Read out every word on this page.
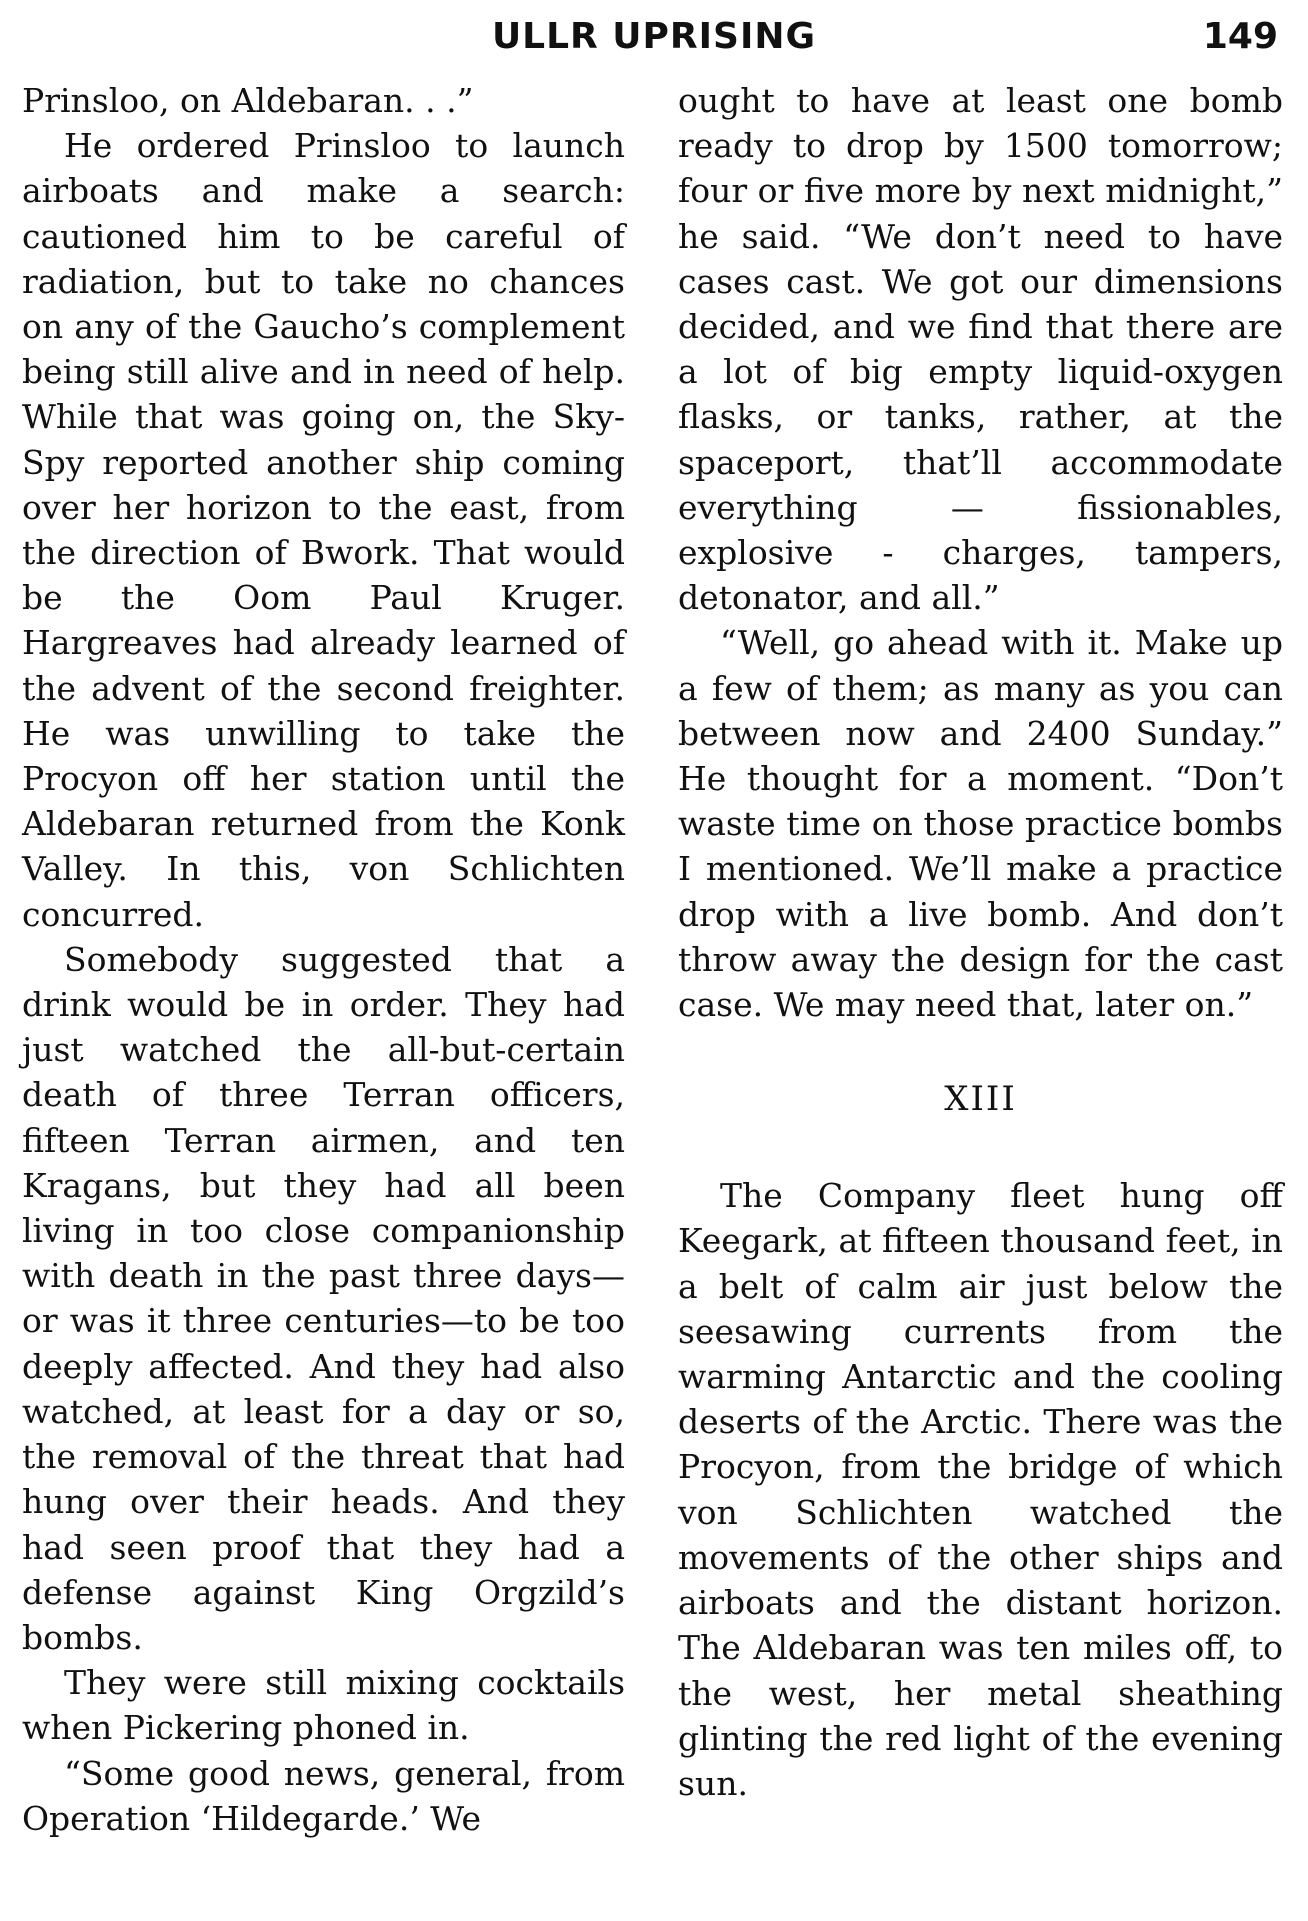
ULLR UPRISING	149

Prinsloo, on Aldebaran. . .”

He ordered Prinsloo to launch airboats and make a search: cautioned him to be careful of radiation, but to take no chances on any of the Gaucho’s complement being still alive and in need of help. While that was going on, the Sky-Spy reported another ship coming over her horizon to the east, from the direction of Bwork. That would be the Oom Paul Kruger. Hargreaves had already learned of the advent of the second freighter. He was unwilling to take the Procyon off her station until the Aldebaran returned from the Konk Valley. In this, von Schlichten concurred.

Somebody suggested that a drink would be in order. They had just watched the all-but-certain death of three Terran officers, fifteen Terran airmen, and ten Kragans, but they had all been living in too close companionship with death in the past three days— or was it three centuries—to be too deeply affected. And they had also watched, at least for a day or so, the removal of the threat that had hung over their heads. And they had seen proof that they had a defense against King Orgzild’s bombs.

They were still mixing cocktails when Pickering phoned in.

“Some good news, general, from Operation ‘Hildegarde.’ We

ought to have at least one bomb ready to drop by 1500 tomorrow; four or five more by next midnight,” he said. “We don’t need to have cases cast. We got our dimensions decided, and we find that there are a lot of big empty liquid-oxygen flasks, or tanks, rather, at the spaceport, that’ll accommodate everything — fissionables, explosive - charges, tampers, detonator, and all.”

“Well, go ahead with it. Make up a few of them; as many as you can between now and 2400 Sunday.” He thought for a moment. “Don’t waste time on those practice bombs I mentioned. We’ll make a practice drop with a live bomb. And don’t throw away the design for the cast case. We may need that, later on.”

XIII

The Company fleet hung off Keegark, at fifteen thousand feet, in a belt of calm air just below the seesawing currents from the warming Antarctic and the cooling deserts of the Arctic. There was the Procyon, from the bridge of which von Schlichten watched the movements of the other ships and airboats and the distant horizon. The Aldebaran was ten miles off, to the west, her metal sheathing glinting the red light of the evening sun.
